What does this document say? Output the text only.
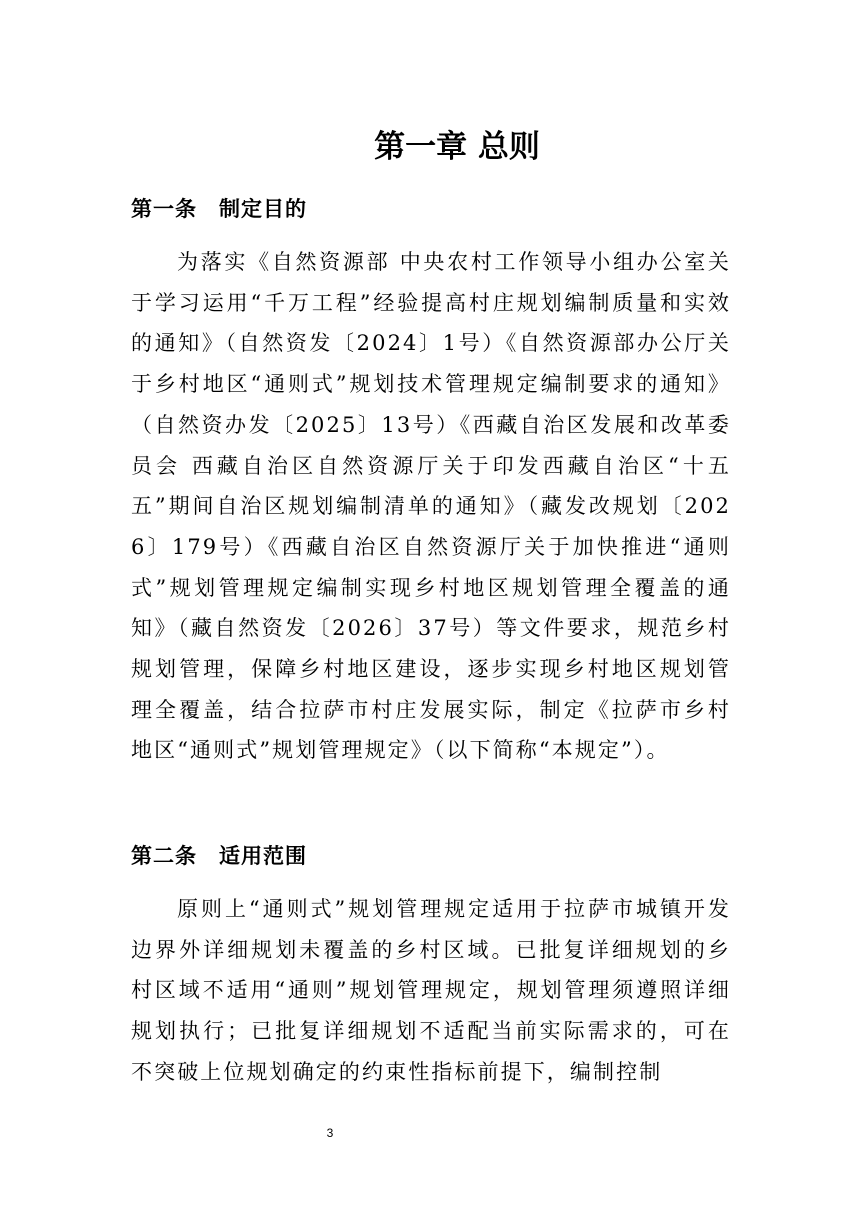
第一章 总则
第一条 制定目的

为落实《自然资源部 中央农村工作领导小组办公室关于学习运用“千万工程”经验提高村庄规划编制质量和实效的通知》（自然资发〔2024〕1号）《自然资源部办公厅关于乡村地区“通则式”规划技术管理规定编制要求的通知》（自然资办发〔2025〕13号）《西藏自治区发展和改革委员会 西藏自治区自然资源厅关于印发西藏自治区“十五五”期间自治区规划编制清单的通知》（藏发改规划〔2026〕179号）《西藏自治区自然资源厅关于加快推进“通则式”规划管理规定编制实现乡村地区规划管理全覆盖的通知》（藏自然资发〔2026〕37号）等文件要求，规范乡村规划管理，保障乡村地区建设，逐步实现乡村地区规划管理全覆盖，结合拉萨市村庄发展实际，制定《拉萨市乡村地区“通则式”规划管理规定》（以下简称“本规定”）。

第二条 适用范围

原则上“通则式”规划管理规定适用于拉萨市城镇开发边界外详细规划未覆盖的乡村区域。已批复详细规划的乡村区域不适用“通则”规划管理规定，规划管理须遵照详细规划执行；已批复详细规划不适配当前实际需求的，可在不突破上位规划确定的约束性指标前提下，编制控制

3
